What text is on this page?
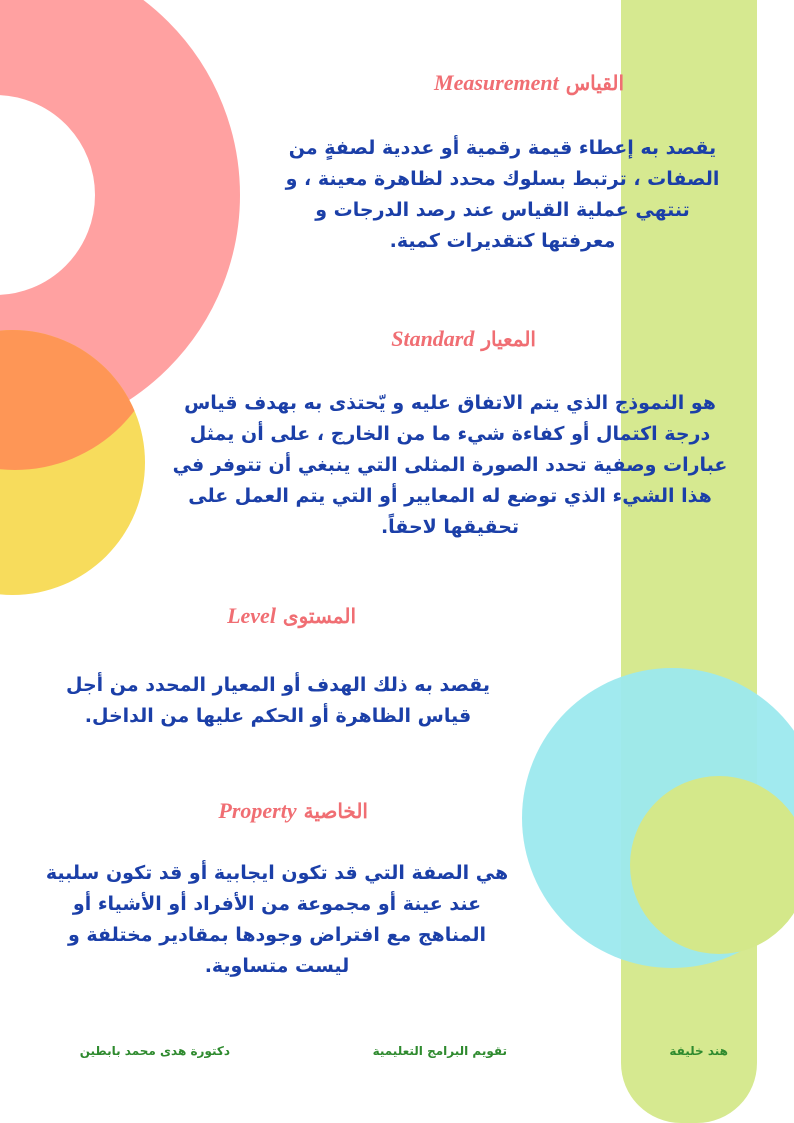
القياس Measurement
يقصد به إعطاء قيمة رقمية أو عددية لصفةٍ من الصفات ، ترتبط بسلوك محدد لظاهرة معينة ، و تنتهي عملية القياس عند رصد الدرجات و معرفتها كتقديرات كمية.
المعيار Standard
هو النموذج الذي يتم الاتفاق عليه و يّحتذى به بهدف قياس درجة اكتمال أو كفاءة شيء ما من الخارج ، على أن يمثل عبارات وصفية تحدد الصورة المثلى التي ينبغي أن تتوفر في هذا الشيء الذي توضع له المعايير أو التي يتم العمل على تحقيقها لاحقاً.
المستوى Level
يقصد به ذلك الهدف أو المعيار المحدد من أجل قياس الظاهرة أو الحكم عليها من الداخل.
الخاصية Property
هي الصفة التي قد تكون ايجابية أو قد تكون سلبية عند عينة أو مجموعة من الأفراد أو الأشياء أو المناهج مع افتراض وجودها بمقادير مختلفة و ليست متساوية.
هند خليفة
تقويم البرامج التعليمية
دكتورة هدى محمد بابطين
